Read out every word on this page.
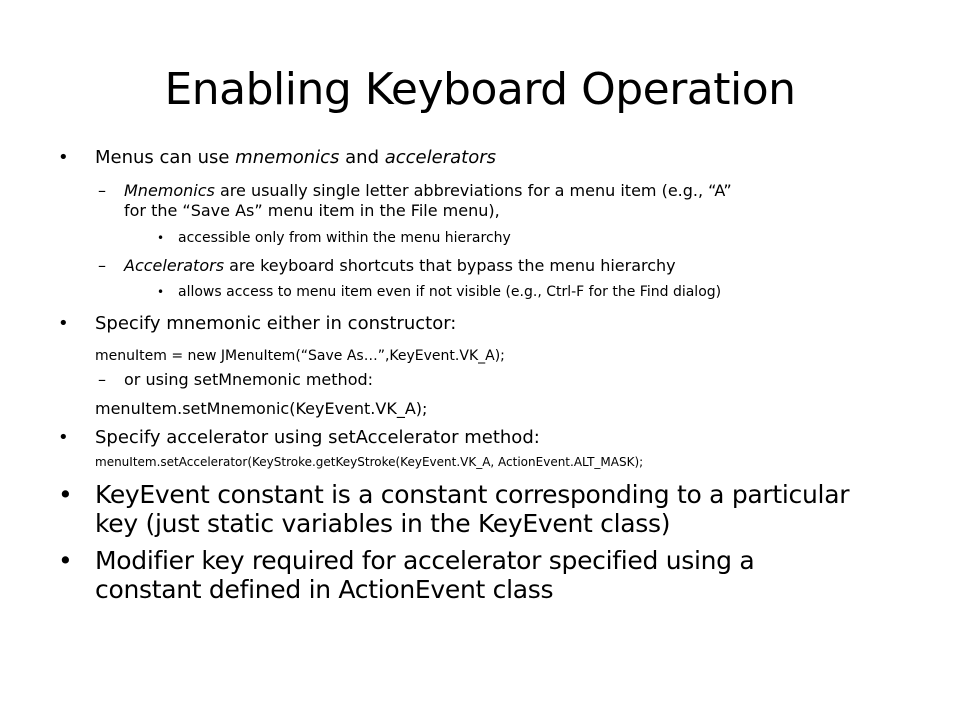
Enabling Keyboard Operation
• Menus can use mnemonics and accelerators
– Mnemonics are usually single letter abbreviations for a menu item (e.g., “A”
for the “Save As” menu item in the File menu),
• accessible only from within the menu hierarchy
– Accelerators are keyboard shortcuts that bypass the menu hierarchy
• allows access to menu item even if not visible (e.g., Ctrl-F for the Find dialog)
• Specify mnemonic either in constructor:
menuItem = new JMenuItem(“Save As…”,KeyEvent.VK_A);
– or using setMnemonic method:
menuItem.setMnemonic(KeyEvent.VK_A);
• Specify accelerator using setAccelerator method:
menuItem.setAccelerator(KeyStroke.getKeyStroke(KeyEvent.VK_A, ActionEvent.ALT_MASK);
• KeyEvent constant is a constant corresponding to a particular
key (just static variables in the KeyEvent class)
• Modifier key required for accelerator specified using a
constant defined in ActionEvent class
